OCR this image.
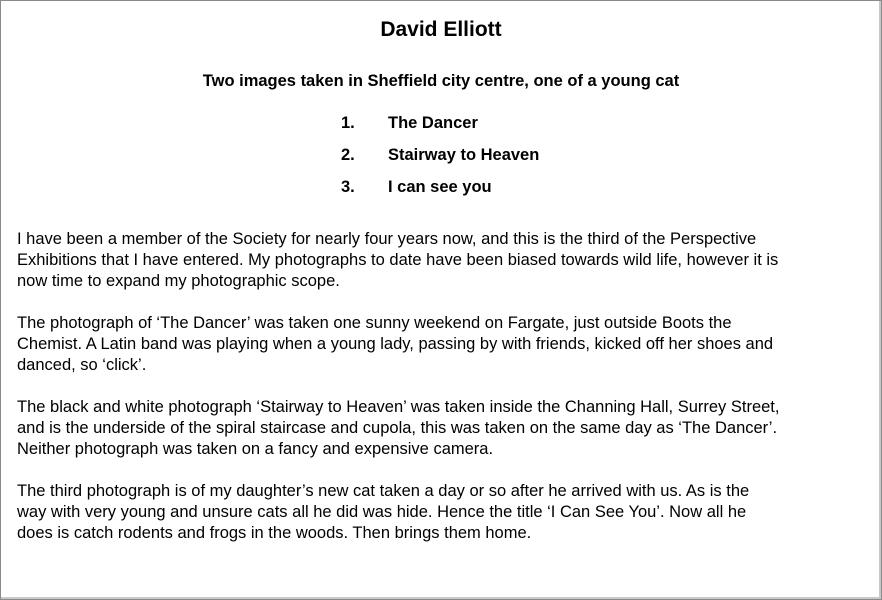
David Elliott
Two images taken in Sheffield city centre, one of a young cat
1.	The Dancer
2.	Stairway to Heaven
3.	I can see you

I have been a member of the Society for nearly four years now, and this is the third of the Perspective
Exhibitions that I have entered. My photographs to date have been biased towards wild life, however it is
now time to expand my photographic scope.

The photograph of ‘The Dancer’ was taken one sunny weekend on Fargate, just outside Boots the
Chemist. A Latin band was playing when a young lady, passing by with friends, kicked off her shoes and
danced, so ‘click’.

The black and white photograph ‘Stairway to Heaven’ was taken inside the Channing Hall, Surrey Street,
and is the underside of the spiral staircase and cupola, this was taken on the same day as ‘The Dancer’.
Neither photograph was taken on a fancy and expensive camera.

The third photograph is of my daughter’s new cat taken a day or so after he arrived with us. As is the
way with very young and unsure cats all he did was hide. Hence the title ‘I Can See You’. Now all he
does is catch rodents and frogs in the woods. Then brings them home.
